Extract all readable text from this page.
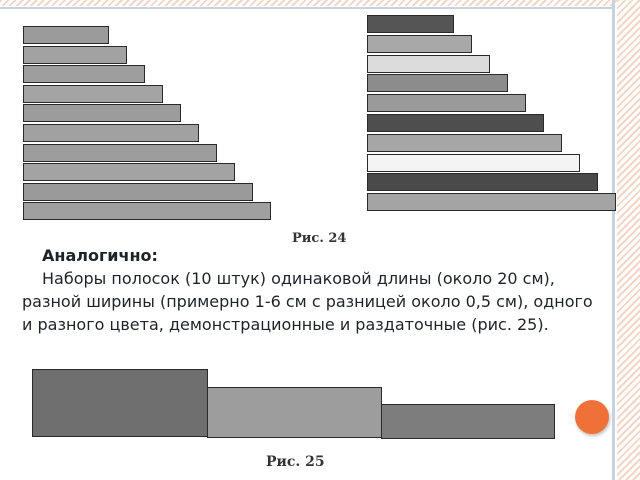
Рис. 24
Аналогично:
Наборы полосок (10 штук) одинаковой длины (около 20 см), разной ширины (примерно 1-6 см с разницей около 0,5 см), одного и разного цвета, демонстрационные и раздаточные (рис. 25).
Рис. 25
